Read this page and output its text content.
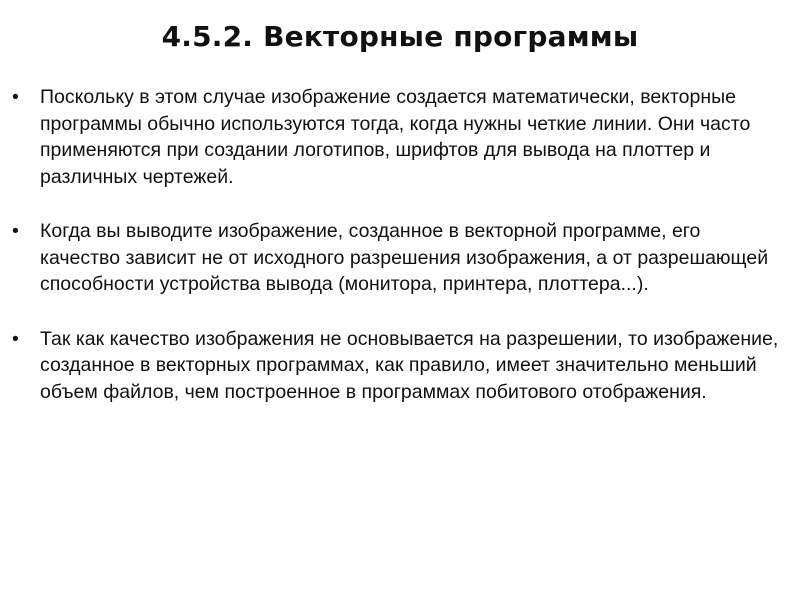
4.5.2. Векторные программы
• Поскольку в этом случае изображение создается математически, векторные программы обычно используются тогда, когда нужны четкие линии. Они часто применяются при создании логотипов, шрифтов для вывода на плоттер и различных чертежей.
• Когда вы выводите изображение, созданное в векторной программе, его качество зависит не от исходного разрешения изображения, а от разрешающей способности устройства вывода (монитора, принтера, плоттера...).
• Так как качество изображения не основывается на разрешении, то изображение, созданное в векторных программах, как правило, имеет значительно меньший объем файлов, чем построенное в программах побитового отображения.
